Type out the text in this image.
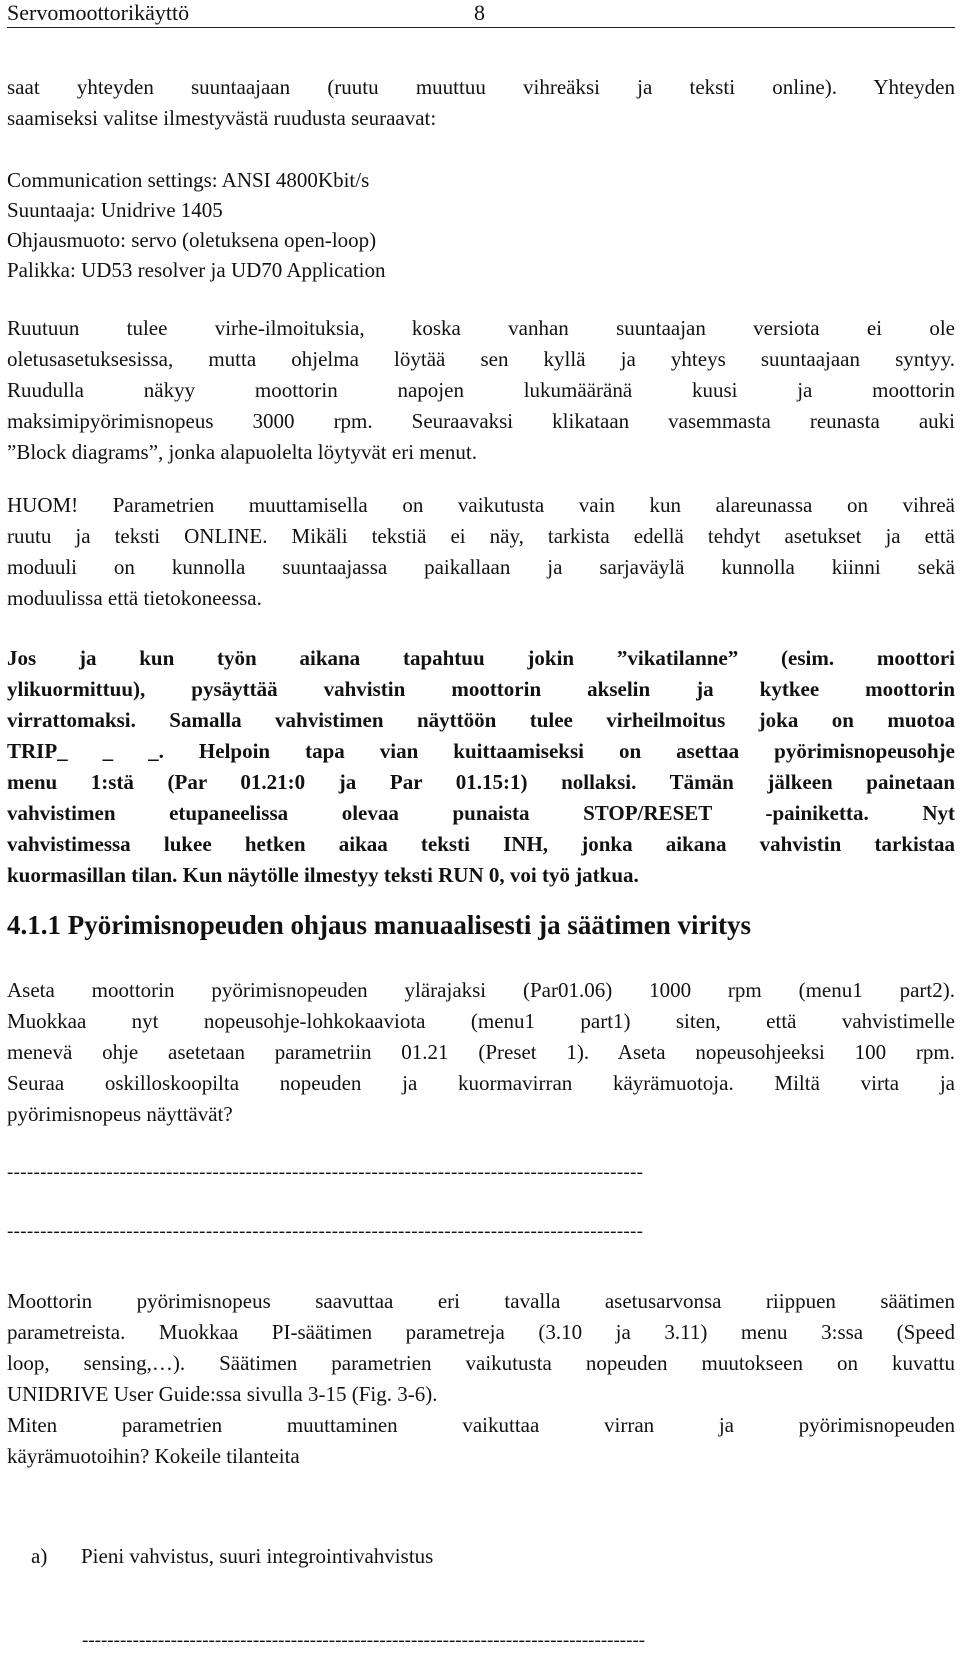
Servomoottorikäyttö	8
saat yhteyden suuntaajaan (ruutu muuttuu vihreäksi ja teksti online). Yhteyden
saamiseksi valitse ilmestyvästä ruudusta seuraavat:
Communication settings: ANSI 4800Kbit/s
Suuntaaja: Unidrive 1405
Ohjausmuoto: servo (oletuksena open-loop)
Palikka: UD53 resolver ja UD70 Application
Ruutuun tulee virhe-ilmoituksia, koska vanhan suuntaajan versiota ei ole
oletusasetuksesissa, mutta ohjelma löytää sen kyllä ja yhteys suuntaajaan syntyy.
Ruudulla näkyy moottorin napojen lukumääränä kuusi ja moottorin
maksimipyörimisnopeus 3000 rpm. Seuraavaksi klikataan vasemmasta reunasta auki
”Block diagrams”, jonka alapuolelta löytyvät eri menut.
HUOM! Parametrien muuttamisella on vaikutusta vain kun alareunassa on vihreä
ruutu ja teksti ONLINE. Mikäli tekstiä ei näy, tarkista edellä tehdyt asetukset ja että
moduuli on kunnolla suuntaajassa paikallaan ja sarjaväylä kunnolla kiinni sekä
moduulissa että tietokoneessa.
Jos ja kun työn aikana tapahtuu jokin ”vikatilanne” (esim. moottori
ylikuormittuu), pysäyttää vahvistin moottorin akselin ja kytkee moottorin
virrattomaksi. Samalla vahvistimen näyttöön tulee virheilmoitus joka on muotoa
TRIP_ _ _. Helpoin tapa vian kuittaamiseksi on asettaa pyörimisnopeusohje
menu 1:stä (Par 01.21:0 ja Par 01.15:1) nollaksi. Tämän jälkeen painetaan
vahvistimen etupaneelissa olevaa punaista STOP/RESET -painiketta. Nyt
vahvistimessa lukee hetken aikaa teksti INH, jonka aikana vahvistin tarkistaa
kuormasillan tilan. Kun näytölle ilmestyy teksti RUN 0, voi työ jatkua.
4.1.1 Pyörimisnopeuden ohjaus manuaalisesti ja säätimen viritys
Aseta moottorin pyörimisnopeuden ylärajaksi (Par01.06) 1000 rpm (menu1 part2).
Muokkaa nyt nopeusohje-lohkokaaviota (menu1 part1) siten, että vahvistimelle
menevä ohje asetetaan parametriin 01.21 (Preset 1). Aseta nopeusohjeeksi 100 rpm.
Seuraa oskilloskoopilta nopeuden ja kuormavirran käyrämuotoja. Miltä virta ja
pyörimisnopeus näyttävät?
------------------------------------------------------------------------------------------------
------------------------------------------------------------------------------------------------
Moottorin pyörimisnopeus saavuttaa eri tavalla asetusarvonsa riippuen säätimen
parametreista. Muokkaa PI-säätimen parametreja (3.10 ja 3.11) menu 3:ssa (Speed
loop, sensing,…). Säätimen parametrien vaikutusta nopeuden muutokseen on kuvattu
UNIDRIVE User Guide:ssa sivulla 3-15 (Fig. 3-6).
Miten parametrien muuttaminen vaikuttaa virran ja pyörimisnopeuden
käyrämuotoihin? Kokeile tilanteita
a) Pieni vahvistus, suuri integrointivahvistus
-----------------------------------------------------------------------------------------
